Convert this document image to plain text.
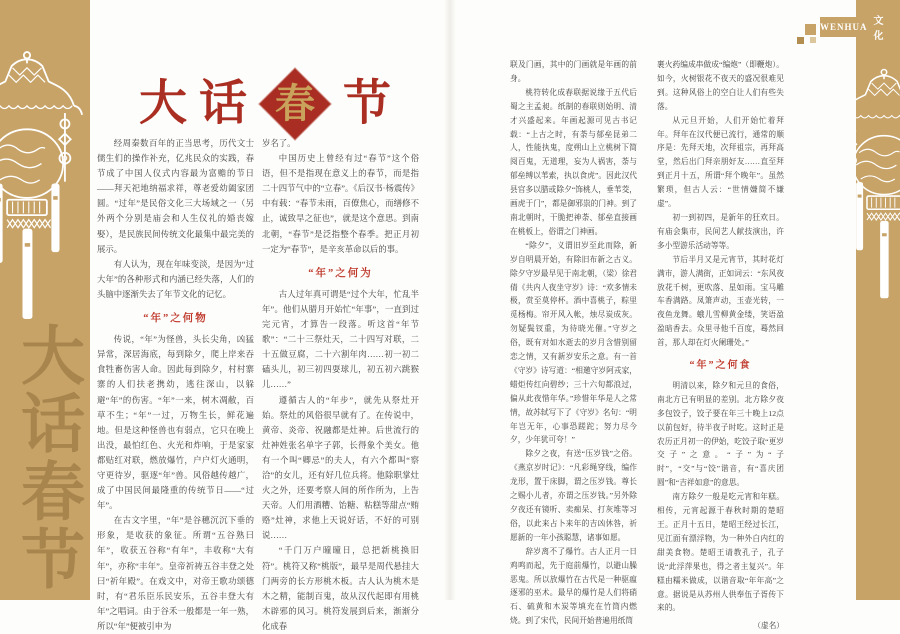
大话春节
WENHUA 文 化
大 话 春 节

经周秦数百年的正当思考，历代文士儒生们的操作补充，亿兆民众的实践，春节成了中国人仪式内容最为富赡的节日——拜天祀地纳福求祥，尊老爱幼阖家团圆。“过年”是民俗文化三大场域之一（另外两个分别是庙会和人生仪礼的婚丧嫁娶），是民族民间传统文化最集中最完美的展示。

有人认为，现在年味变淡，是因为“过大年”的各种形式和内涵已经失落，人们的头脑中逐渐失去了年节文化的记忆。

“年”之何物

传说，“年”为怪兽，头长尖角，凶猛异常，深居海底，每到除夕，爬上岸来吞食牲畜伤害人命。因此每到除夕，村村寨寨的人们扶老携幼，逃往深山，以躲避“年”的伤害。“年”一来，树木凋敝，百草不生；“年”一过，万物生长，鲜花遍地。但是这种怪兽也有弱点，它只在晚上出没，最怕红色、火光和炸响，于是家家都贴红对联，燃放爆竹，户户灯火通明，守更待岁，驱逐“年”兽。风俗越传越广，成了中国民间最隆重的传统节日——“过年”。

在古文字里，“年”是谷穗沉沉下垂的形象，是收获的象征。所谓“五谷熟曰年”，收获五谷称“有年”，丰收称“大有年”，亦称“丰年”。皇帝祈祷五谷丰登之处曰“祈年殿”。在戏文中，对帝王歌功颂德时，有“君乐臣乐民安乐，五谷丰登大有年”之唱词。由于谷禾一般都是一年一熟，所以“年”便被引申为

岁名了。

中国历史上曾经有过“春节”这个俗语，但不是指现在意义上的春节，而是指二十四节气中的“立春”。《后汉书·杨震传》中有载：“春节未雨，百僚焦心，而缮修不止，诚致旱之征也”，就是这个意思。到南北朝，“春节”是泛指整个春季。把正月初一定为“春节”，是辛亥革命以后的事。

“年”之何为

古人过年真可谓是“过个大年，忙乱半年”。他们从腊月开始忙“年事”，一直到过完元宵，才算告一段落。听这首“年节歌”：“二十三祭灶天，二十四写对联，二十五做豆腐，二十六割年肉……初一初二磕头儿，初三初四耍球儿，初五初六跳猴儿……”

遵循古人的“年步”，就先从祭灶开始。祭灶的风俗很早就有了。在传说中，黄帝、炎帝、祝融都是灶神。后世流行的灶神姓张名单字子郭，长得象个美女。他有一个叫“卿忌”的夫人，有六个都叫“察洽”的女儿，还有好几位兵将。他除职掌灶火之外，还要考察人间的所作所为，上告天帝。人们用酒糟、饴糖、粘糕等甜点“贿赂”灶神，求他上天说好话，不好的可别说……

“千门万户曈曈日，总把新桃换旧符”。桃符又称“桃版”，最早是周代悬挂大门两旁的长方形桃木板。古人认为桃木是木之精，能制百鬼，故从汉代起即有用桃木辟邪的风习。桃符发展到后来，渐渐分化成春

联及门画，其中的门画就是年画的前身。

桃符转化成春联据说缘于五代后蜀之主孟昶。纸制的春联则始明、清才兴盛起来。年画起源可见古书记载：“上古之时，有荼与郁垒昆弟二人，性能执鬼，度朔山上立桃树下简阅百鬼，无道理，妄为人祸害，荼与郁垒缚以苇索，执以食虎”。因此汉代县官多以腊或除夕“饰桃人，垂苇茭，画虎于门”，都是御邪祟的门神。到了南北朝时，干脆把神荼、郁垒直接画在桃板上，俗谓之门神画。

“除夕”，义谓旧岁至此而除，新岁自明晨开始，有除旧布新之古义。除夕守岁最早见于南北朝，（梁）徐君倩《共内人夜坐守岁》诗：“欢多情未极，赏至莫停杯。酒中喜桃子，粽里觅杨梅。帘开风入帐，烛尽炭成灰。勿疑鬓钗重，为待晓光催。”守岁之俗，既有对如水逝去的岁月含惜别留恋之情，又有新岁安乐之意。有一首《守岁》诗写道：“相邀守岁阿戎家，蜡炬传红向碧纱；三十六旬都浪过，偏从此夜惜年华。”珍惜年华是人之常情，故苏轼写下了《守岁》名句：“明年岂无年，心事恐蹉跎；努力尽今夕，少年犹可夸！”

除夕之夜，有送“压岁钱”之俗。《燕京岁时记》：“凡彩绳穿线，编作龙形，置于床脚，谓之压岁钱。尊长之赐小儿者，亦谓之压岁钱。”另外除夕夜还有镜听、卖痴呆、打灰堆等习俗，以此来占卜来年的吉凶休咎，祈愿新的一年小孩聪慧，诸事如愿。

辞岁离不了爆竹。古人正月一日鸡鸣而起，先于庭前爆竹，以避山臊恶鬼。所以放爆竹在古代是一种驱瘟逐邪的巫术。最早的爆竹是人们将硝石、硫黄和木炭等填充在竹筒内燃烧。到了宋代，民间开始普遍用纸筒

裹火药编成串做成“编炮”（即鞭炮）。如今，火树银花不夜天的盛况很难见到。这种风俗上的空白让人们有些失落。

从元旦开始，人们开始忙着拜年。拜年在汉代便已流行，通常的顺序是：先拜天地，次拜祖宗，再拜高堂，然后出门拜亲朋好友……直至拜到正月十五，所谓“拜个晚年”。虽然繁琐，但古人云：“世情嫌简不嫌虚”。

初一到初四，是新年的狂欢日。有庙会集市，民间艺人献技演出，许多小型游乐活动等等。

节后半月又是元宵节，其时花灯满市，游人满街，正如词云：“东风夜放花千树，更吹落、星如雨。宝马雕车香满路。凤箫声动，玉壶光转，一夜鱼龙舞。蛾儿雪柳黄金缕，笑语盈盈暗香去。众里寻他千百度，蓦然回首，那人却在灯火阑珊处。”

“年”之何食

明清以来，除夕和元旦的食俗，南北方已有明显的差别。北方除夕夜多包饺子，饺子要在年三十晚上12点以前包好，待半夜子时吃。这时正是农历正月初一的伊始，吃饺子取“更岁交子”之意。“子”为“子时”，“交”与“饺”谐音，有“喜庆团圆”和“吉祥如意”的意思。

南方除夕一般是吃元宵和年糕。相传，元宵起源于春秋时期的楚昭王。正月十五日，楚昭王经过长江，见江面有漂浮物，为一种外白内红的甜美食物。楚昭王请教孔子，孔子说“此浮萍果也，得之者主复兴”。年糕由糯米做成，以谐音取“年年高”之意。据说是从苏州人供奉伍子胥传下来的。

（虚名）
